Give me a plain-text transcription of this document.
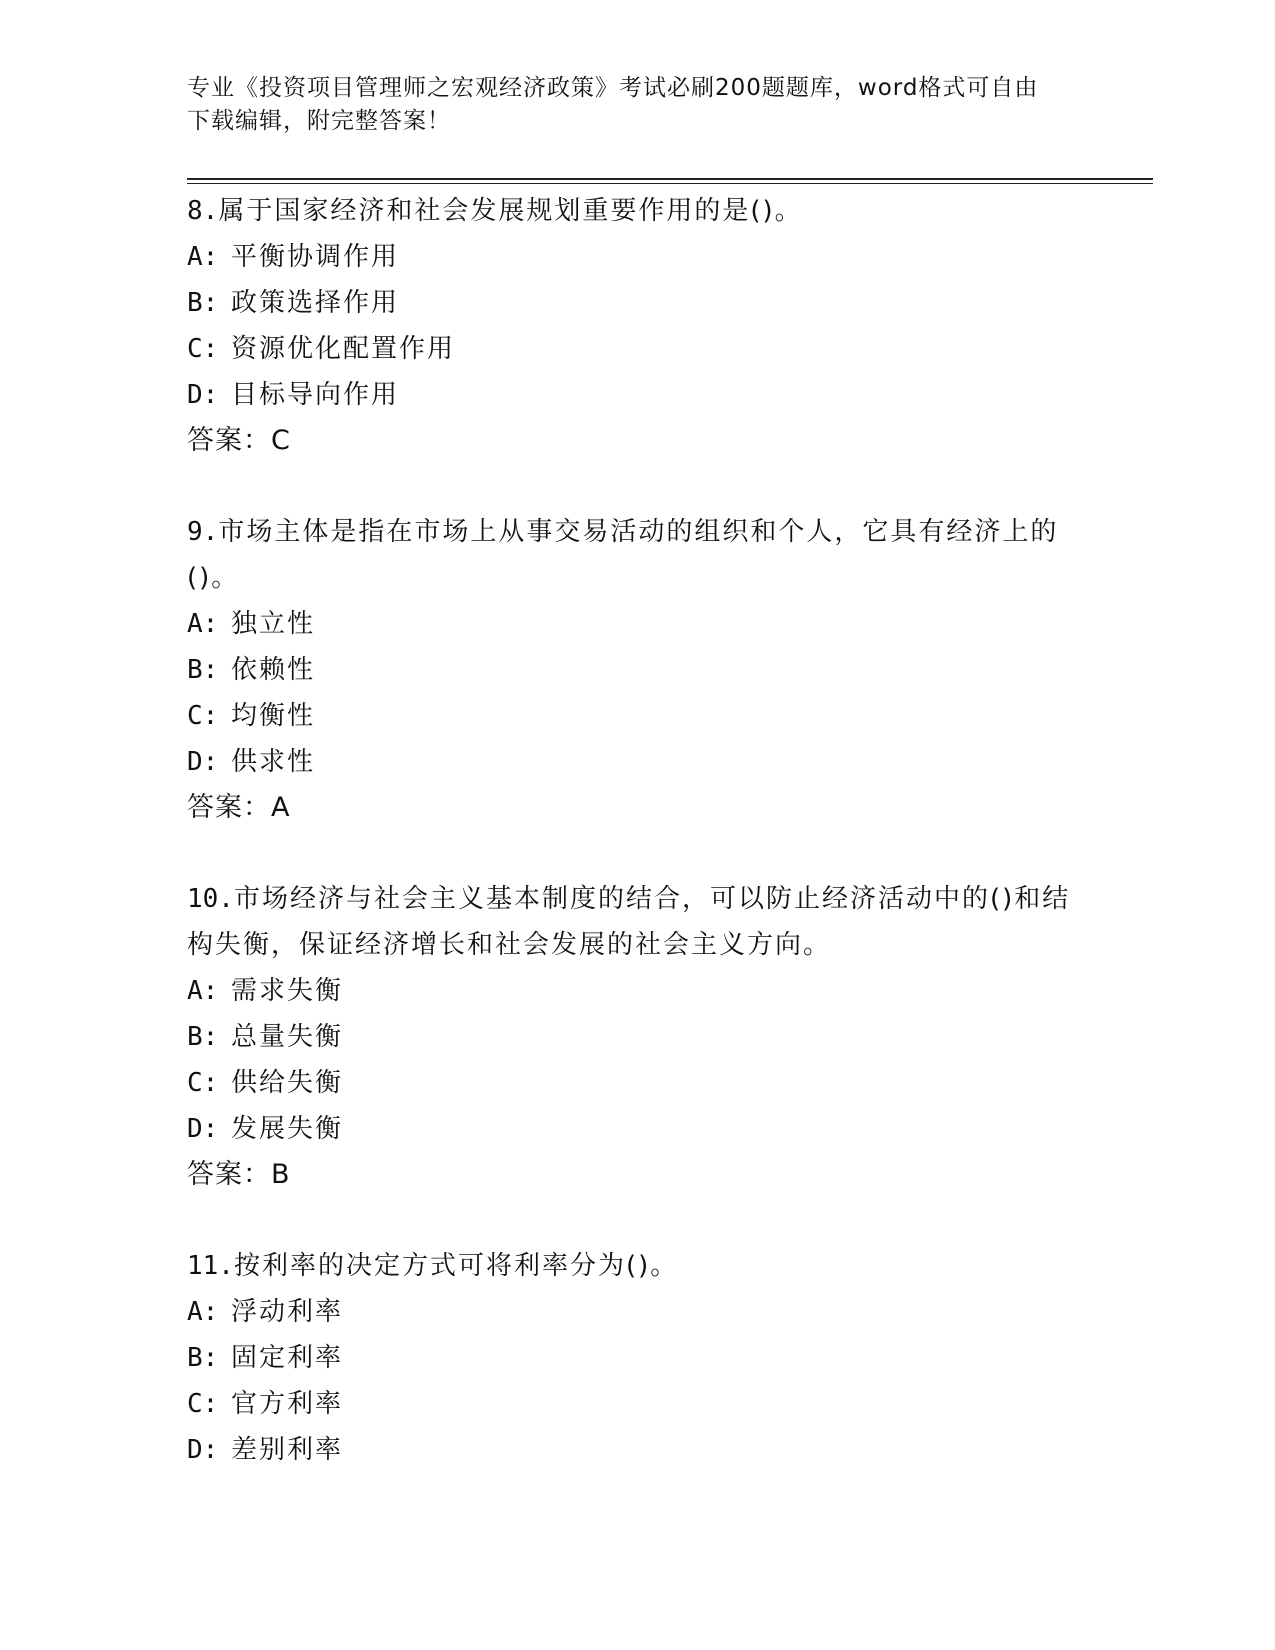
专业《投资项目管理师之宏观经济政策》考试必刷200题题库，word格式可自由
下载编辑，附完整答案！
8.属于国家经济和社会发展规划重要作用的是()。
A: 平衡协调作用
B: 政策选择作用
C: 资源优化配置作用
D: 目标导向作用
答案：C
9.市场主体是指在市场上从事交易活动的组织和个人，它具有经济上的()。
A: 独立性
B: 依赖性
C: 均衡性
D: 供求性
答案：A
10.市场经济与社会主义基本制度的结合，可以防止经济活动中的()和结构失衡，保证经济增长和社会发展的社会主义方向。
A: 需求失衡
B: 总量失衡
C: 供给失衡
D: 发展失衡
答案：B
11.按利率的决定方式可将利率分为()。
A: 浮动利率
B: 固定利率
C: 官方利率
D: 差别利率
